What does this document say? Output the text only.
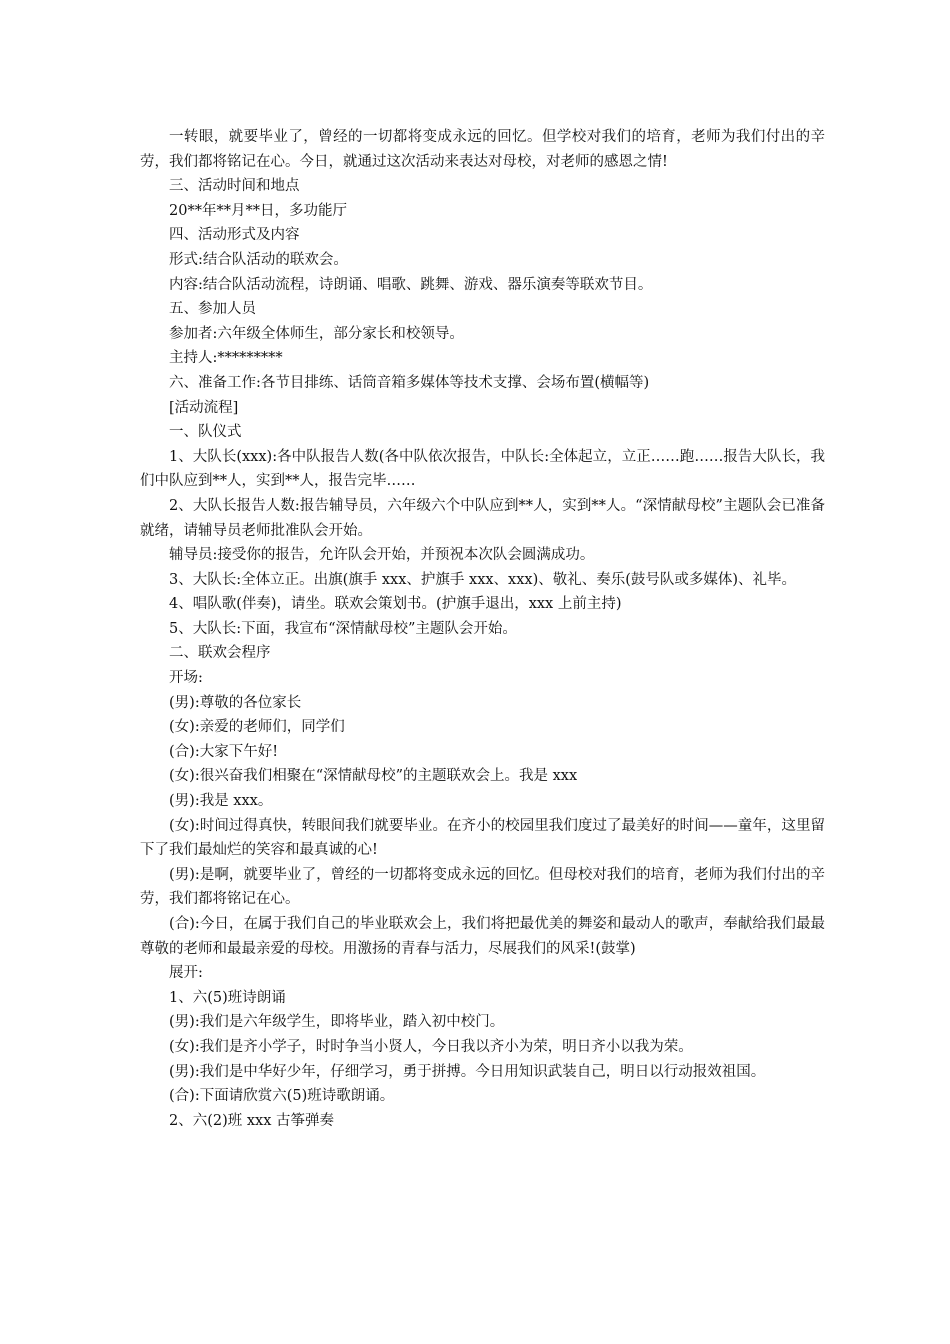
一转眼，就要毕业了，曾经的一切都将变成永远的回忆。但学校对我们的培育，老师为我们付出的辛劳，我们都将铭记在心。今日，就通过这次活动来表达对母校，对老师的感恩之情!

三、活动时间和地点

20**年**月**日，多功能厅

四、活动形式及内容

形式:结合队活动的联欢会。

内容:结合队活动流程，诗朗诵、唱歌、跳舞、游戏、器乐演奏等联欢节目。

五、参加人员

参加者:六年级全体师生，部分家长和校领导。

主持人:*********

六、准备工作:各节目排练、话筒音箱多媒体等技术支撑、会场布置(横幅等)

[活动流程]

一、队仪式

1、大队长(xxx):各中队报告人数(各中队依次报告，中队长:全体起立，立正……跑……报告大队长，我们中队应到**人，实到**人，报告完毕……

2、大队长报告人数:报告辅导员，六年级六个中队应到**人，实到**人。“深情献母校”主题队会已准备就绪，请辅导员老师批准队会开始。

辅导员:接受你的报告，允许队会开始，并预祝本次队会圆满成功。

3、大队长:全体立正。出旗(旗手 xxx、护旗手 xxx、xxx)、敬礼、奏乐(鼓号队或多媒体)、礼毕。

4、唱队歌(伴奏)，请坐。联欢会策划书。(护旗手退出，xxx 上前主持)

5、大队长:下面，我宣布“深情献母校”主题队会开始。

二、联欢会程序

开场:

(男):尊敬的各位家长

(女):亲爱的老师们，同学们

(合):大家下午好!

(女):很兴奋我们相聚在“深情献母校”的主题联欢会上。我是 xxx

(男):我是 xxx。

(女):时间过得真快，转眼间我们就要毕业。在齐小的校园里我们度过了最美好的时间——童年，这里留下了我们最灿烂的笑容和最真诚的心!

(男):是啊，就要毕业了，曾经的一切都将变成永远的回忆。但母校对我们的培育，老师为我们付出的辛劳，我们都将铭记在心。

(合):今日，在属于我们自己的毕业联欢会上，我们将把最优美的舞姿和最动人的歌声，奉献给我们最最尊敬的老师和最最亲爱的母校。用激扬的青春与活力，尽展我们的风采!(鼓掌)

展开:

1、六(5)班诗朗诵

(男):我们是六年级学生，即将毕业，踏入初中校门。

(女):我们是齐小学子，时时争当小贤人，今日我以齐小为荣，明日齐小以我为荣。

(男):我们是中华好少年，仔细学习，勇于拼搏。今日用知识武装自己，明日以行动报效祖国。

(合):下面请欣赏六(5)班诗歌朗诵。

2、六(2)班 xxx 古筝弹奏
